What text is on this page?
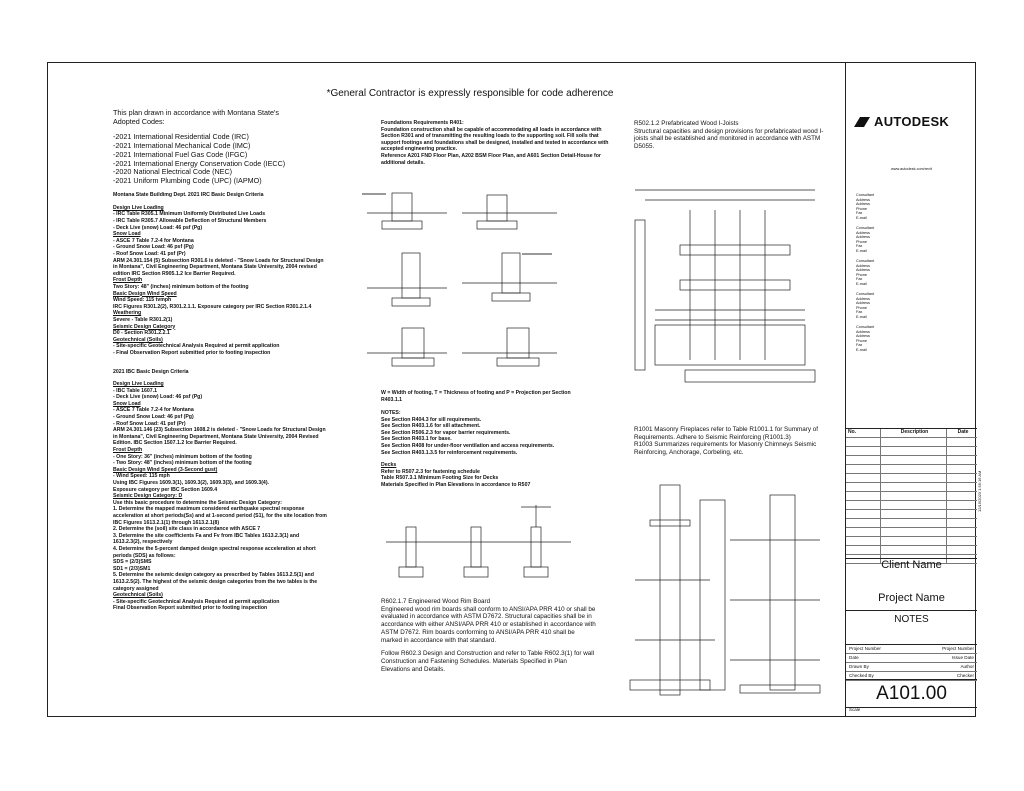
*General Contractor is expressly responsible for code adherence

This plan drawn in accordance with Montana State's Adopted Codes:

-2021 International Residential Code (IRC)

-2021 International Mechanical Code (IMC)

-2021 International Fuel Gas Code (IFGC)

-2021 International Energy Conservation Code (IECC)

-2020 National Electrical Code (NEC)

-2021 Uniform Plumbing Code (UPC) (IAPMO)

Montana State Buildimg Dept. 2021 IRC Basic Design Criteria

Design Live Loading

- IRC Table R305.1 Minimum Uniformly Distributed Live Loads

- IRC Table R305.7 Allowable Deflection of Structural Members

- Deck Live (snow) Load: 46 psf (Pg)

Snow Load

- ASCE 7 Table 7.2-4 for Montana

- Ground Snow Load: 46 psf (Pg)

- Roof Snow Load: 41 psf (Pr)

ARM 24.301.154 (5) Subsection R301.6 is deleted - "Snow Loads for Structural Design in Montana", Civil Engineering Department, Montana State University, 2004 revised edition IRC Section R905.1.2 Ice Barrier Required.

Frost Depth

Two Story: 48" (inches) minimum bottom of the footing

Basic Design Wind Speed

Wind Speed: 115 tvmph

IRC Figures R301.2(2), R301.2.1.1. Exposure category per IRC Section R301.2.1.4

Weathering

Severe - Table R301.2(1)

Seismic Design Category

D0 - Section R301.2.2.1

Geotechnical (Soils)

- Site-specific Geotechnical Analysis Required at permit application

- Final Observation Report submitted prior to footing inspection

2021 IBC Basic Design Criteria

Design Live Loading

- IBC Table 1607.1

- Deck Live (snow) Load: 46 psf (Pg)

Snow Load

- ASCE 7 Table 7.2-4 for Montana

- Ground Snow Load: 46 psf (Pg)

- Roof Snow Load: 41 psf (Pr)

ARM 24.301.146 (23) Subsection 1608.2 is deleted - "Snow Loads for Structural Design in Montana", Civil Engineering Department, Montana State University, 2004 Revised Edition. IBC Section 1507.1.2 Ice Barrier Required.

Frost Depth

- One Story: 36" (inches) minimum bottom of the footing

- Two Story: 48" (inches) minimum bottom of the footing

Basic Design Wind Speed (3-Second gust)

- Wind Speed: 115 mph

Using IBC Figures 1609.3(1), 1609.3(2), 1609.3(3), and 1609.3(4).

Exposure category per IBC Section 1609.4

Seismic Design Category: D

Use this basic procedure to determine the Seismic Design Category:

1. Determine the mapped maximum considered earthquake spectral response acceleration at short periods(Ss) and at 1-second period (S1), for the site location from IBC Figures 1613.2.1(1) through 1613.2.1(8)

2. Determine the (soil) site class in accordance with ASCE 7

3. Determine the site coefficients Fa and Fv from IBC Tables 1613.2.3(1) and 1613.2.3(2), respectively

4. Determine the 5-percent damped design spectral response acceleration at short periods (SDS) as follows:

SDS = (2/3)SMS

SD1 = (2/3)SM1

5. Determine the seismic design category as prescribed by Tables 1613.2.5(1) and 1613.2.5(2). The highest of the seismic design categories from the two tables is the category assigned

Geotechnical (Soils)

- Site-specific Geotechnical Analysis Required at permit application

Final Observation Report submitted prior to footing inspection

Foundations Requirements R401:

Foundation construction shall be capable of accommodating all loads in accordance with Section R301 and of transmitting the resulting loads to the supporting soil. Fill soils that support footings and foundations shall be designed, installed and tested in accordance with accepted engineering practice.
Reference A201 FND Floor Plan, A202 BSM Floor Plan, and A601 Section Detail-House for additional details.

W = Width of footing, T = Thickness of footing and P = Projection per Section R403.1.1

NOTES:

See Section R404.3 for sill requirements.

See Section R403.1.6 for sill attachment.

See Section R506.2.3 for vapor barrier requirements.

See Section R403.1 for base.

See Section R408 for under-floor ventilation and access requirements.

See Section R403.1.3.5 for reinforcement requirements.

Decks

Refer to R507.2.3 for fastening schedule

Table R507.3.1 Minimum Footing Size for Decks

Materials Specified in Plan Elevations in accordance to R507

R602.1.7 Engineered Wood Rim Board

Engineered wood rim boards shall conform to ANSI/APA PRR 410 or shall be evaluated in accordance with ASTM D7672. Structural capacities shall be in accordance with either ANSI/APA PRR 410 or established in accordance with ASTM D7672. Rim boards conforming to ANSI/APA PRR 410 shall be marked in accordance with that standard.

Follow R602.3 Design and Construction and refer to Table R602.3(1) for wall Construction and Fastening Schedules. Materials Specified in Plan Elevations and Details.

R502.1.2 Prefabricated Wood I-Joists

Structural capacities and design provisions for prefabricated wood I-joists shall be established and monitored in accordance with ASTM D5055.

R1001 Masonry Fireplaces refer to Table R1001.1 for Summary of Requirements. Adhere to Seismic Reinforcing (R1001.3)
R1003 Summarizes requirements for Masonry Chimneys Seismic Reinforcing, Anchorage, Corbeling, etc.

AUTODESK
www.autodesk.com/revit
Consultant
Address
Address
Phone
Fax
E-mail
Consultant
Address
Address
Phone
Fax
E-mail
Consultant
Address
Address
Phone
Fax
E-mail
Consultant
Address
Address
Phone
Fax
E-mail
Consultant
Address
Address
Phone
Fax
E-mail
No.	Description	Date
Client Name
Project Name
NOTES
Project Number	Project Number
Date	Issue Date
Drawn By	Author
Checked By	Checker
A101.00
Scale
12/15/2023 1:55:16 AM
